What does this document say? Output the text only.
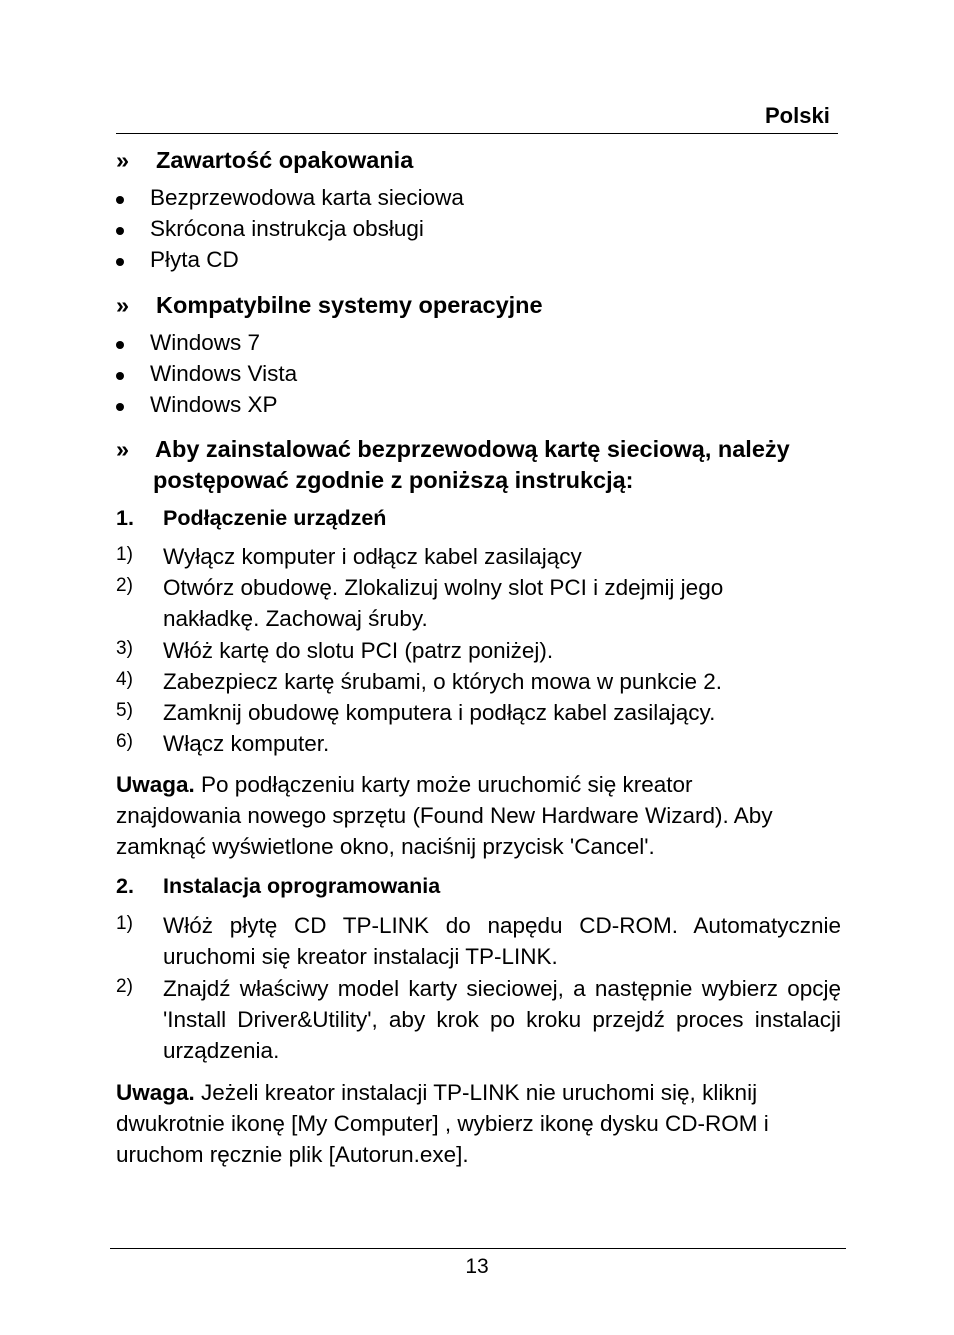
Polski
» Zawartość opakowania
Bezprzewodowa karta sieciowa
Skrócona instrukcja obsługi
Płyta CD
» Kompatybilne systemy operacyjne
Windows 7
Windows Vista
Windows XP
» Aby zainstalować bezprzewodową kartę sieciową, należy
postępować zgodnie z poniższą instrukcją:
1. Podłączenie urządzeń
1) Wyłącz komputer i odłącz kabel zasilający
2) Otwórz obudowę. Zlokalizuj wolny slot PCI i zdejmij jego nakładkę. Zachowaj śruby.
3) Włóż kartę do slotu PCI (patrz poniżej).
4) Zabezpiecz kartę śrubami, o których mowa w punkcie 2.
5) Zamknij obudowę komputera i podłącz kabel zasilający.
6) Włącz komputer.
Uwaga. Po podłączeniu karty może uruchomić się kreator znajdowania nowego sprzętu (Found New Hardware Wizard). Aby zamknąć wyświetlone okno, naciśnij przycisk 'Cancel'.
2. Instalacja oprogramowania
1) Włóż płytę CD TP-LINK do napędu CD-ROM. Automatycznie uruchomi się kreator instalacji TP-LINK.
2) Znajdź właściwy model karty sieciowej, a następnie wybierz opcję 'Install Driver&Utility', aby krok po kroku przejdź proces instalacji urządzenia.
Uwaga. Jeżeli kreator instalacji TP-LINK nie uruchomi się, kliknij dwukrotnie ikonę [My Computer] , wybierz ikonę dysku CD-ROM i uruchom ręcznie plik [Autorun.exe].
13
